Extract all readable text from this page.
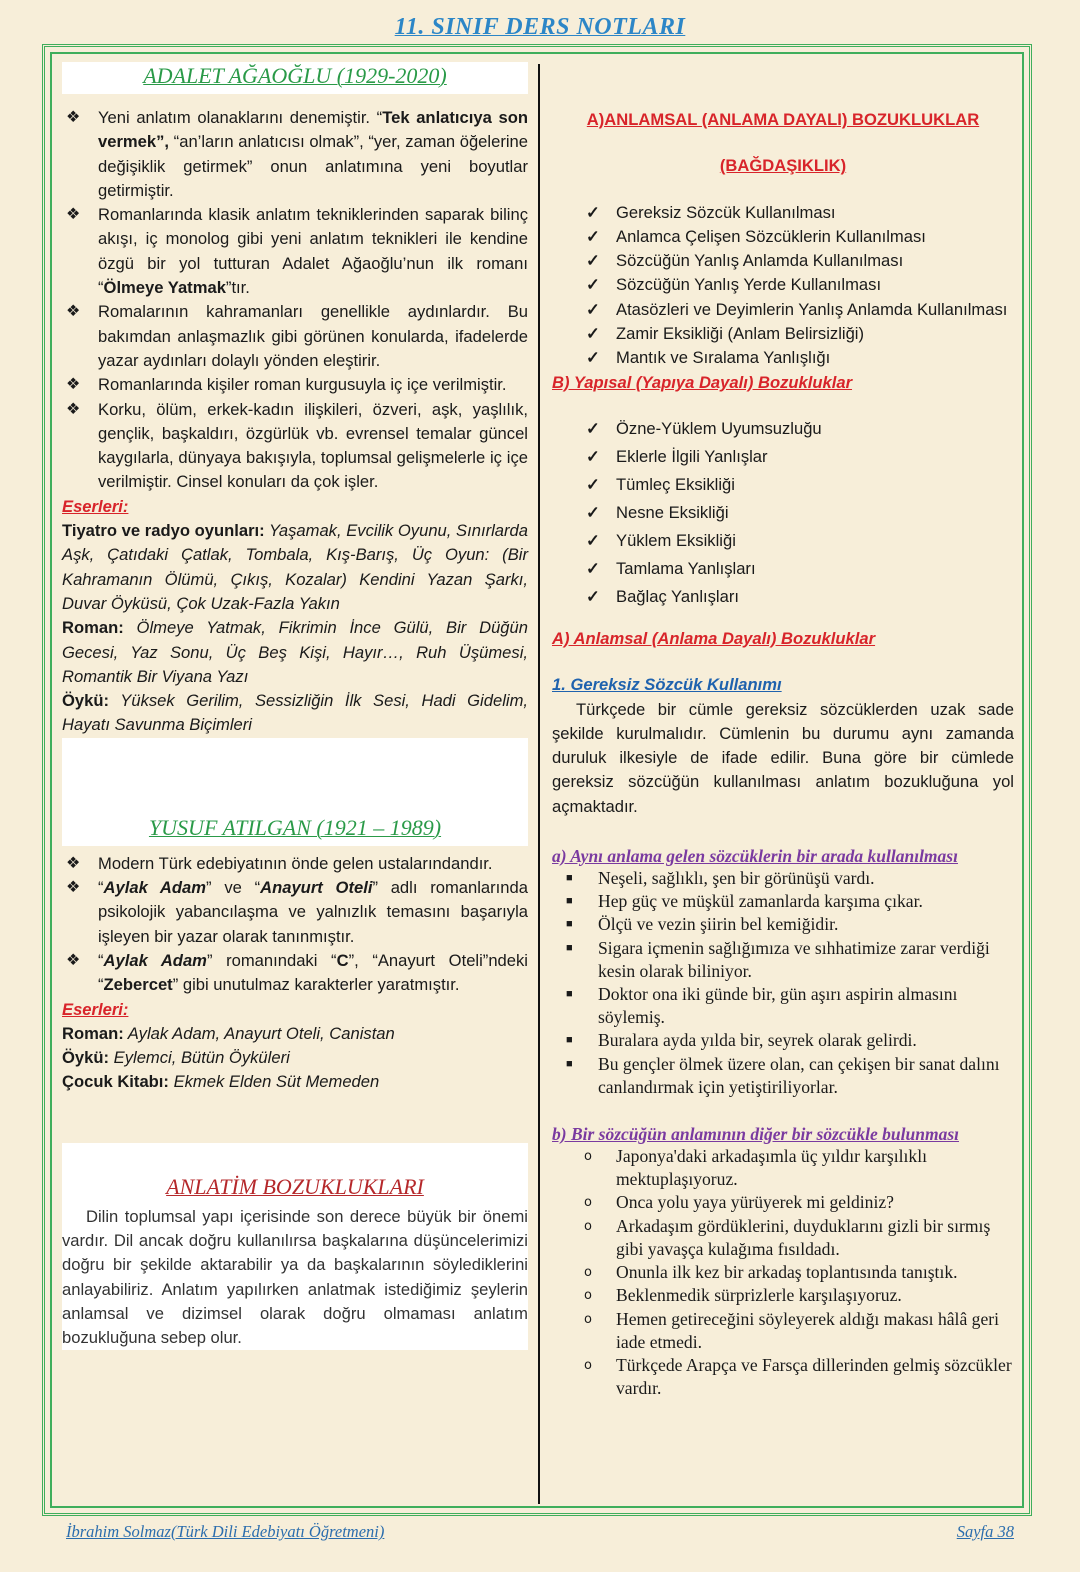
11. SINIF DERS NOTLARI
ADALET AĞAOĞLU (1929-2020)
❖ Yeni anlatım olanaklarını denemiştir. “Tek anlatıcıya son vermek”, “an’ların anlatıcısı olmak”, “yer, zaman öğelerine değişiklik getirmek” onun anlatımına yeni boyutlar getirmiştir.
❖ Romanlarında klasik anlatım tekniklerinden saparak bilinç akışı, iç monolog gibi yeni anlatım teknikleri ile kendine özgü bir yol tutturan Adalet Ağaoğlu’nun ilk romanı “Ölmeye Yatmak”tır.
❖ Romalarının kahramanları genellikle aydınlardır. Bu bakımdan anlaşmazlık gibi görünen konularda, ifadelerde yazar aydınları dolaylı yönden eleştirir.
❖ Romanlarında kişiler roman kurgusuyla iç içe verilmiştir.
❖ Korku, ölüm, erkek-kadın ilişkileri, özveri, aşk, yaşlılık, gençlik, başkaldırı, özgürlük vb. evrensel temalar güncel kaygılarla, dünyaya bakışıyla, toplumsal gelişmelerle iç içe verilmiştir. Cinsel konuları da çok işler.
Eserleri:

Tiyatro ve radyo oyunları: Yaşamak, Evcilik Oyunu, Sınırlarda Aşk, Çatıdaki Çatlak, Tombala, Kış-Barış, Üç Oyun: (Bir Kahramanın Ölümü, Çıkış, Kozalar) Kendini Yazan Şarkı, Duvar Öyküsü, Çok Uzak-Fazla Yakın

Roman: Ölmeye Yatmak, Fikrimin İnce Gülü, Bir Düğün Gecesi, Yaz Sonu, Üç Beş Kişi, Hayır…, Ruh Üşümesi, Romantik Bir Viyana Yazı

Öykü: Yüksek Gerilim, Sessizliğin İlk Sesi, Hadi Gidelim, Hayatı Savunma Biçimleri

YUSUF ATILGAN (1921 – 1989)
❖ Modern Türk edebiyatının önde gelen ustalarındandır.
❖ “Aylak Adam” ve “Anayurt Oteli” adlı romanlarında psikolojik yabancılaşma ve yalnızlık temasını başarıyla işleyen bir yazar olarak tanınmıştır.
❖ “Aylak Adam” romanındaki “C”, “Anayurt Oteli”ndeki “Zebercet” gibi unutulmaz karakterler yaratmıştır.
Eserleri:

Roman: Aylak Adam, Anayurt Oteli, Canistan

Öykü: Eylemci, Bütün Öyküleri

Çocuk Kitabı: Ekmek Elden Süt Memeden

ANLATİM BOZUKLUKLARI

Dilin toplumsal yapı içerisinde son derece büyük bir önemi vardır. Dil ancak doğru kullanılırsa başkalarına düşüncelerimizi doğru bir şekilde aktarabilir ya da başkalarının söylediklerini anlayabiliriz. Anlatım yapılırken anlatmak istediğimiz şeylerin anlamsal ve dizimsel olarak doğru olmaması anlatım bozukluğuna sebep olur.

A)ANLAMSAL (ANLAMA DAYALI) BOZUKLUKLAR
(BAĞDAŞIKLIK)
✓ Gereksiz Sözcük Kullanılması
✓ Anlamca Çelişen Sözcüklerin Kullanılması
✓ Sözcüğün Yanlış Anlamda Kullanılması
✓ Sözcüğün Yanlış Yerde Kullanılması
✓ Atasözleri ve Deyimlerin Yanlış Anlamda Kullanılması
✓ Zamir Eksikliği (Anlam Belirsizliği)
✓ Mantık ve Sıralama Yanlışlığı
B) Yapısal (Yapıya Dayalı) Bozukluklar
✓ Özne-Yüklem Uyumsuzluğu
✓ Eklerle İlgili Yanlışlar
✓ Tümleç Eksikliği
✓ Nesne Eksikliği
✓ Yüklem Eksikliği
✓ Tamlama Yanlışları
✓ Bağlaç Yanlışları
A) Anlamsal (Anlama Dayalı) Bozukluklar
1. Gereksiz Sözcük Kullanımı

Türkçede bir cümle gereksiz sözcüklerden uzak sade şekilde kurulmalıdır. Cümlenin bu durumu aynı zamanda duruluk ilkesiyle de ifade edilir. Buna göre bir cümlede gereksiz sözcüğün kullanılması anlatım bozukluğuna yol açmaktadır.

a) Aynı anlama gelen sözcüklerin bir arada kullanılması
■ Neşeli, sağlıklı, şen bir görünüşü vardı.
■ Hep güç ve müşkül zamanlarda karşıma çıkar.
■ Ölçü ve vezin şiirin bel kemiğidir.
■ Sigara içmenin sağlığımıza ve sıhhatimize zarar verdiği kesin olarak biliniyor.
■ Doktor ona iki günde bir, gün aşırı aspirin almasını söylemiş.
■ Buralara ayda yılda bir, seyrek olarak gelirdi.
■ Bu gençler ölmek üzere olan, can çekişen bir sanat dalını canlandırmak için yetiştiriliyorlar.
b) Bir sözcüğün anlamının diğer bir sözcükle bulunması
o Japonya'daki arkadaşımla üç yıldır karşılıklı mektuplaşıyoruz.
o Onca yolu yaya yürüyerek mi geldiniz?
o Arkadaşım gördüklerini, duyduklarını gizli bir sırmış gibi yavaşça kulağıma fısıldadı.
o Onunla ilk kez bir arkadaş toplantısında tanıştık.
o Beklenmedik sürprizlerle karşılaşıyoruz.
o Hemen getireceğini söyleyerek aldığı makası hâlâ geri iade etmedi.
o Türkçede Arapça ve Farsça dillerinden gelmiş sözcükler vardır.
İbrahim Solmaz(Türk Dili Edebiyatı Öğretmeni)	Sayfa 38
